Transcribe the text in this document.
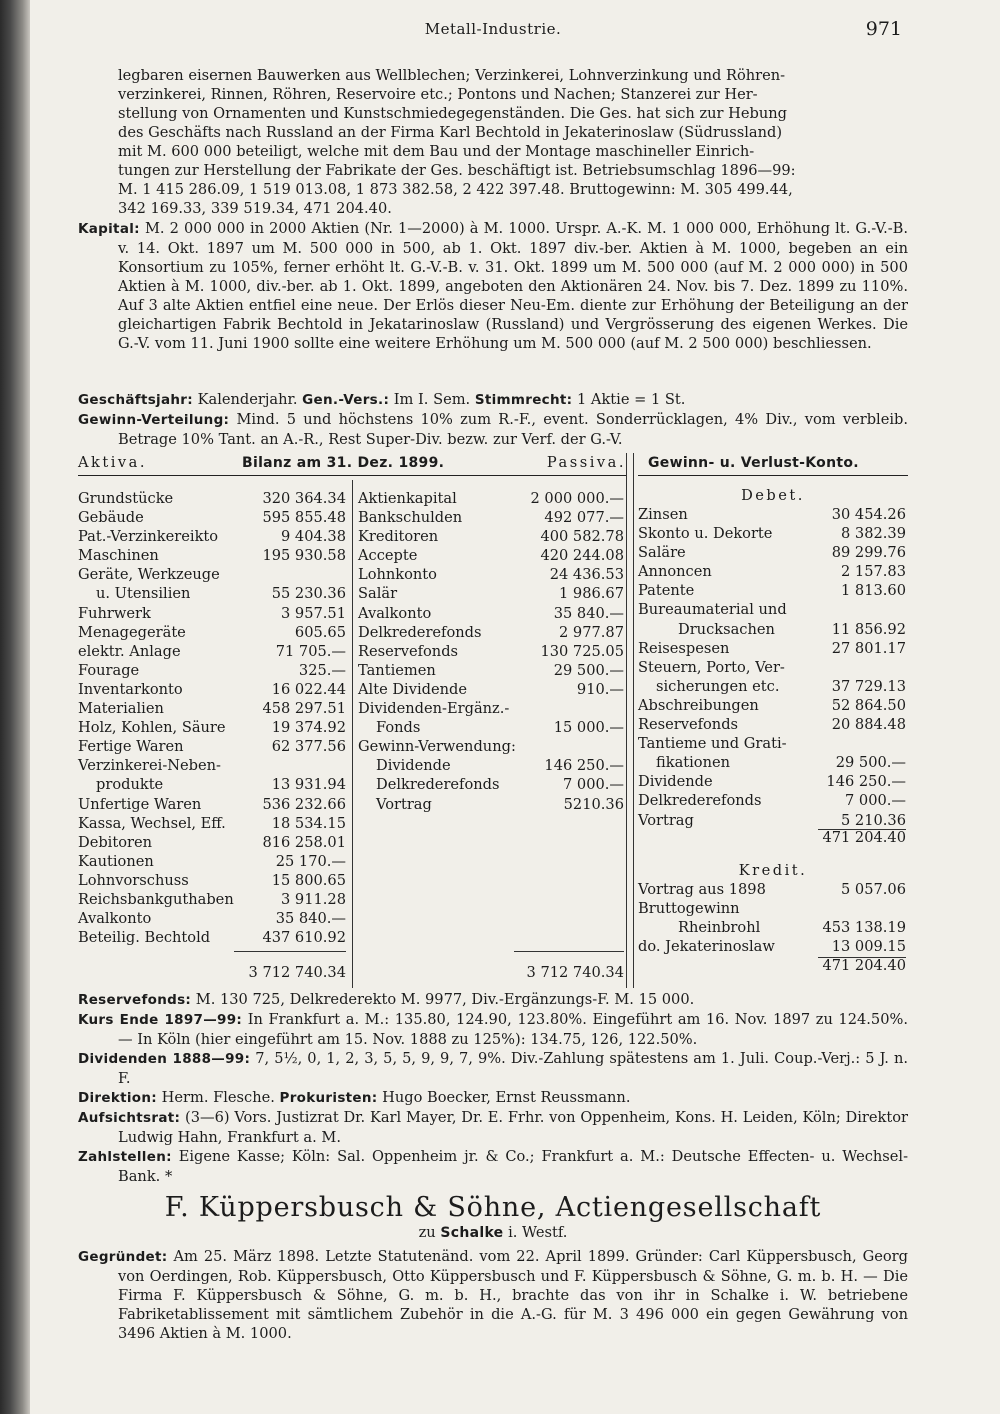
Metall-Industrie.	971

legbaren eisernen Bauwerken aus Wellblechen; Verzinkerei, Lohnverzinkung und Röhren-

verzinkerei, Rinnen, Röhren, Reservoire etc.; Pontons und Nachen; Stanzerei zur Her-

stellung von Ornamenten und Kunstschmiedegegenständen. Die Ges. hat sich zur Hebung

des Geschäfts nach Russland an der Firma Karl Bechtold in Jekaterinoslaw (Südrussland)

mit M. 600 000 beteiligt, welche mit dem Bau und der Montage maschineller Einrich-

tungen zur Herstellung der Fabrikate der Ges. beschäftigt ist. Betriebsumschlag 1896—99:

M. 1 415 286.09, 1 519 013.08, 1 873 382.58, 2 422 397.48. Bruttogewinn: M. 305 499.44,

342 169.33, 339 519.34, 471 204.40.

Kapital: M. 2 000 000 in 2000 Aktien (Nr. 1—2000) à M. 1000. Urspr. A.-K. M. 1 000 000, Erhöhung lt. G.-V.-B. v. 14. Okt. 1897 um M. 500 000 in 500, ab 1. Okt. 1897 div.-ber. Aktien à M. 1000, begeben an ein Konsortium zu 105%, ferner erhöht lt. G.-V.-B. v. 31. Okt. 1899 um M. 500 000 (auf M. 2 000 000) in 500 Aktien à M. 1000, div.-ber. ab 1. Okt. 1899, angeboten den Aktionären 24. Nov. bis 7. Dez. 1899 zu 110%. Auf 3 alte Aktien entfiel eine neue. Der Erlös dieser Neu-Em. diente zur Erhöhung der Beteiligung an der gleichartigen Fabrik Bechtold in Jekatarinoslaw (Russland) und Vergrösserung des eigenen Werkes. Die G.-V. vom 11. Juni 1900 sollte eine weitere Erhöhung um M. 500 000 (auf M. 2 500 000) beschliessen.

Geschäftsjahr: Kalenderjahr. Gen.-Vers.: Im I. Sem. Stimmrecht: 1 Aktie = 1 St.

Gewinn-Verteilung: Mind. 5 und höchstens 10% zum R.-F., event. Sonderrücklagen, 4% Div., vom verbleib. Betrage 10% Tant. an A.-R., Rest Super-Div. bezw. zur Verf. der G.-V.

Aktiva.	Bilanz am 31. Dez. 1899.	Passiva. Gewinn- u. Verlust-Konto.
Grundstücke	320 364.34
Gebäude	595 855.48
Pat.-Verzinkereikto	9 404.38
Maschinen	195 930.58
Geräte, Werkzeuge
u. Utensilien	55 230.36
Fuhrwerk	3 957.51
Menagegeräte	605.65
elektr. Anlage	71 705.—
Fourage	325.—
Inventarkonto	16 022.44
Materialien	458 297.51
Holz, Kohlen, Säure	19 374.92
Fertige Waren	62 377.56
Verzinkerei-Neben-
produkte	13 931.94
Unfertige Waren	536 232.66
Kassa, Wechsel, Eff.	18 534.15
Debitoren	816 258.01
Kautionen	25 170.—
Lohnvorschuss	15 800.65
Reichsbankguthaben	3 911.28
Avalkonto	35 840.—
Beteilig. Bechtold	437 610.92
Aktienkapital	2 000 000.—
Bankschulden	492 077.—
Kreditoren	400 582.78
Accepte	420 244.08
Lohnkonto	24 436.53
Salär	1 986.67
Avalkonto	35 840.—
Delkrederefonds	2 977.87
Reservefonds	130 725.05
Tantiemen	29 500.—
Alte Dividende	910.—
Dividenden-Ergänz.-
Fonds	15 000.—
Gewinn-Verwendung:
Dividende	146 250.—
Delkrederefonds	7 000.—
Vortrag	5210.36
3 712 740.34	3 712 740.34
Debet.
Zinsen	30 454.26
Skonto u. Dekorte	8 382.39
Saläre	89 299.76
Annoncen	2 157.83
Patente	1 813.60
Bureaumaterial und
Drucksachen	11 856.92
Reisespesen	27 801.17
Steuern, Porto, Ver-
sicherungen etc.	37 729.13
Abschreibungen	52 864.50
Reservefonds	20 884.48
Tantieme und Grati-
fikationen	29 500.—
Dividende	146 250.—
Delkrederefonds	7 000.—
Vortrag	5 210.36
471 204.40
Kredit.
Vortrag aus 1898	5 057.06
Bruttogewinn
Rheinbrohl	453 138.19
do. Jekaterinoslaw	13 009.15
471 204.40

Reservefonds: M. 130 725, Delkrederekto M. 9977, Div.-Ergänzungs-F. M. 15 000.

Kurs Ende 1897—99: In Frankfurt a. M.: 135.80, 124.90, 123.80%. Eingeführt am 16. Nov. 1897 zu 124.50%. — In Köln (hier eingeführt am 15. Nov. 1888 zu 125%): 134.75, 126, 122.50%.

Dividenden 1888—99: 7, 5½, 0, 1, 2, 3, 5, 5, 9, 9, 7, 9%. Div.-Zahlung spätestens am 1. Juli. Coup.-Verj.: 5 J. n. F.

Direktion: Herm. Flesche. Prokuristen: Hugo Boecker, Ernst Reussmann.

Aufsichtsrat: (3—6) Vors. Justizrat Dr. Karl Mayer, Dr. E. Frhr. von Oppenheim, Kons. H. Leiden, Köln; Direktor Ludwig Hahn, Frankfurt a. M.

Zahlstellen: Eigene Kasse; Köln: Sal. Oppenheim jr. & Co.; Frankfurt a. M.: Deutsche Effecten- u. Wechsel-Bank. *

F. Küppersbusch & Söhne, Actiengesellschaft
zu Schalke i. Westf.

Gegründet: Am 25. März 1898. Letzte Statutenänd. vom 22. April 1899. Gründer: Carl Küppersbusch, Georg von Oerdingen, Rob. Küppersbusch, Otto Küppersbusch und F. Küppersbusch & Söhne, G. m. b. H. — Die Firma F. Küppersbusch & Söhne, G. m. b. H., brachte das von ihr in Schalke i. W. betriebene Fabriketablissement mit sämtlichem Zubehör in die A.-G. für M. 3 496 000 ein gegen Gewährung von 3496 Aktien à M. 1000.
